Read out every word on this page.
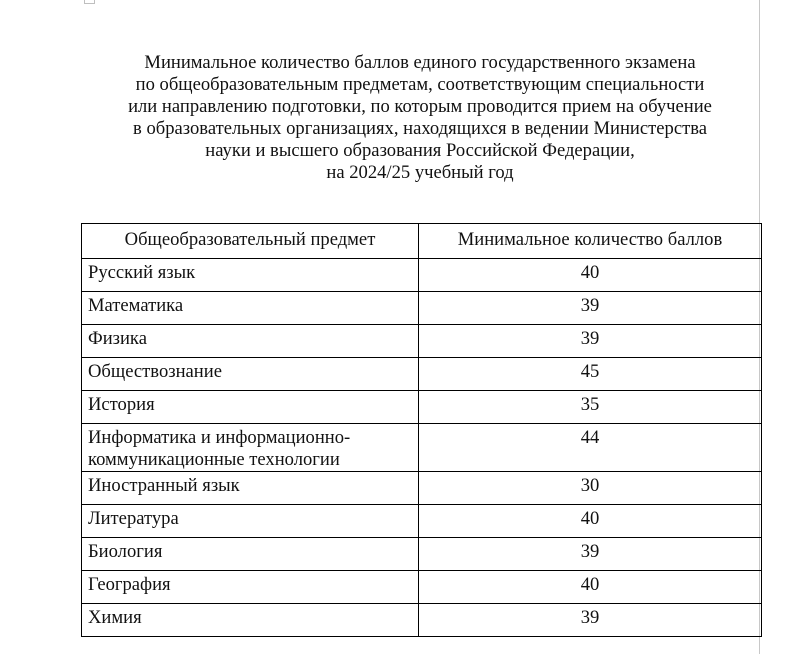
Минимальное количество баллов единого государственного экзамена
по общеобразовательным предметам, соответствующим специальности
или направлению подготовки, по которым проводится прием на обучение
в образовательных организациях, находящихся в ведении Министерства
науки и высшего образования Российской Федерации,
на 2024/25 учебный год
Общеобразовательный предмет	Минимальное количество баллов
Русский язык	40
Математика	39
Физика	39
Обществознание	45
История	35
Информатика и информационно-коммуникационные технологии	44
Иностранный язык	30
Литература	40
Биология	39
География	40
Химия	39
